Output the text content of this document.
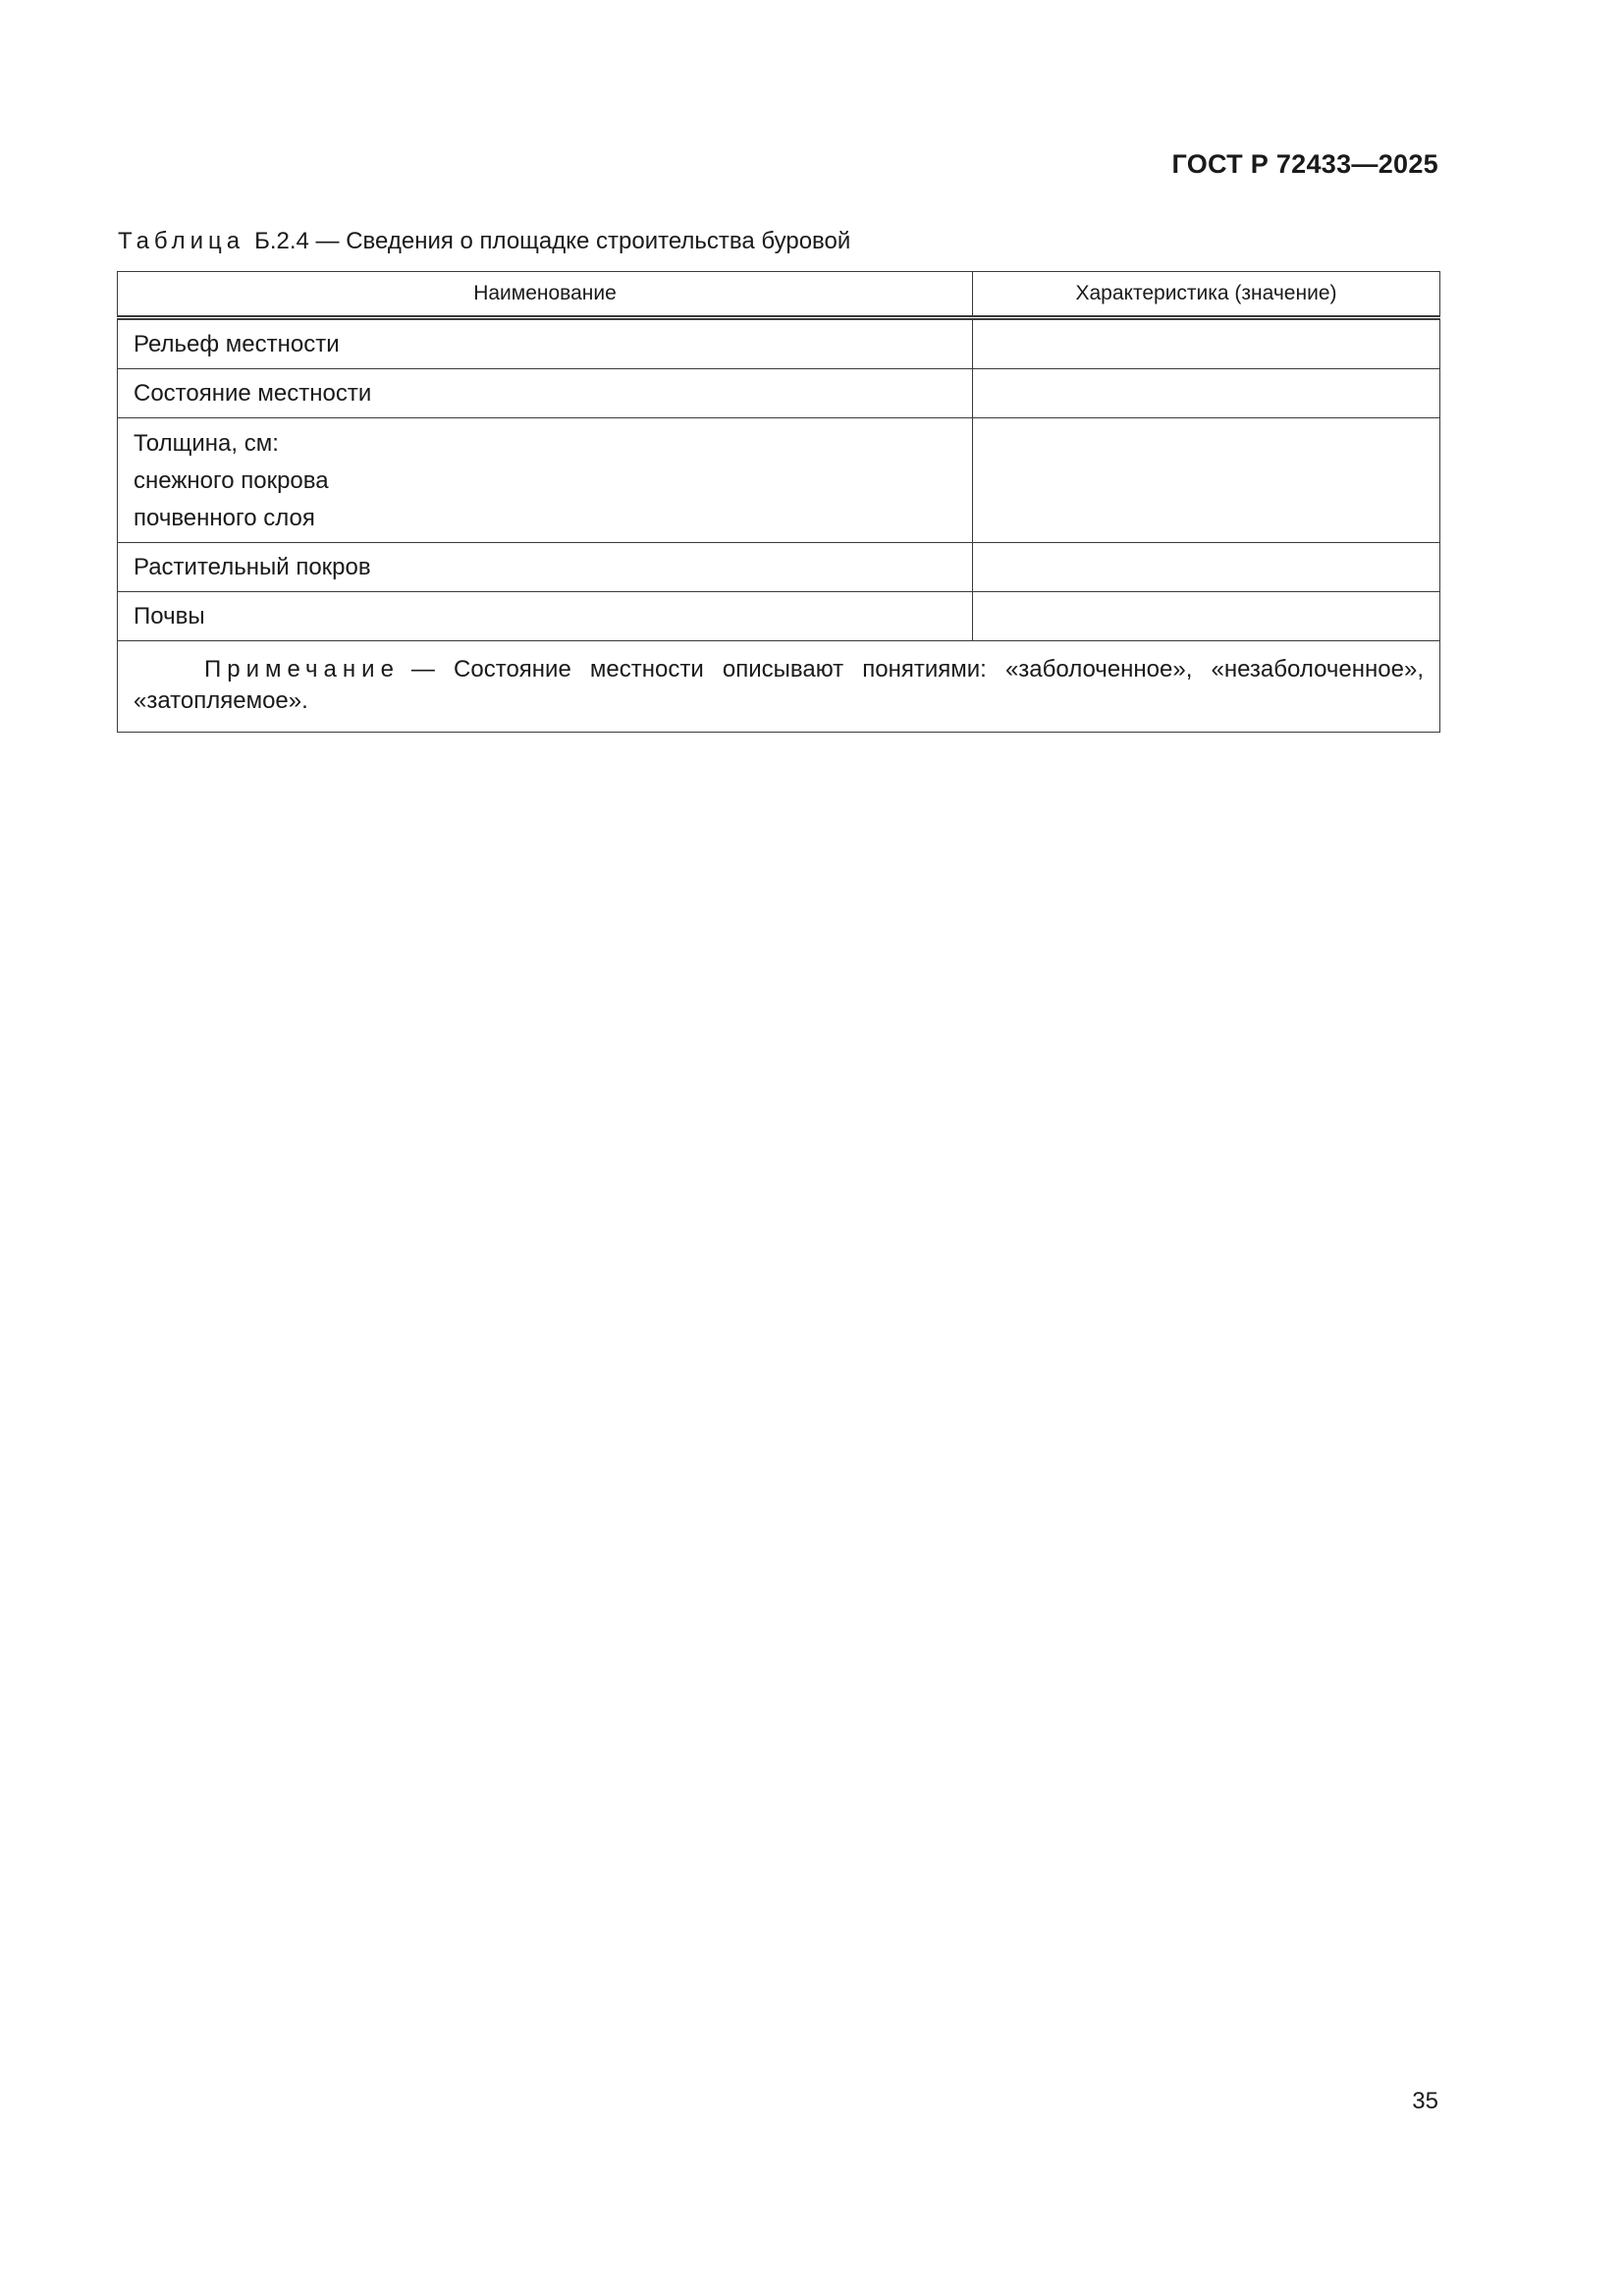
ГОСТ Р 72433—2025
Таблица Б.2.4 — Сведения о площадке строительства буровой
Наименование	Характеристика (значение)
Рельеф местности	
Состояние местности	

Толщина, см:
снежного покрова
почвенного слоя	

Растительный покров	
Почвы	
Примечание — Состояние местности описывают понятиями: «заболоченное», «незаболоченное», «затопляемое».	
35
